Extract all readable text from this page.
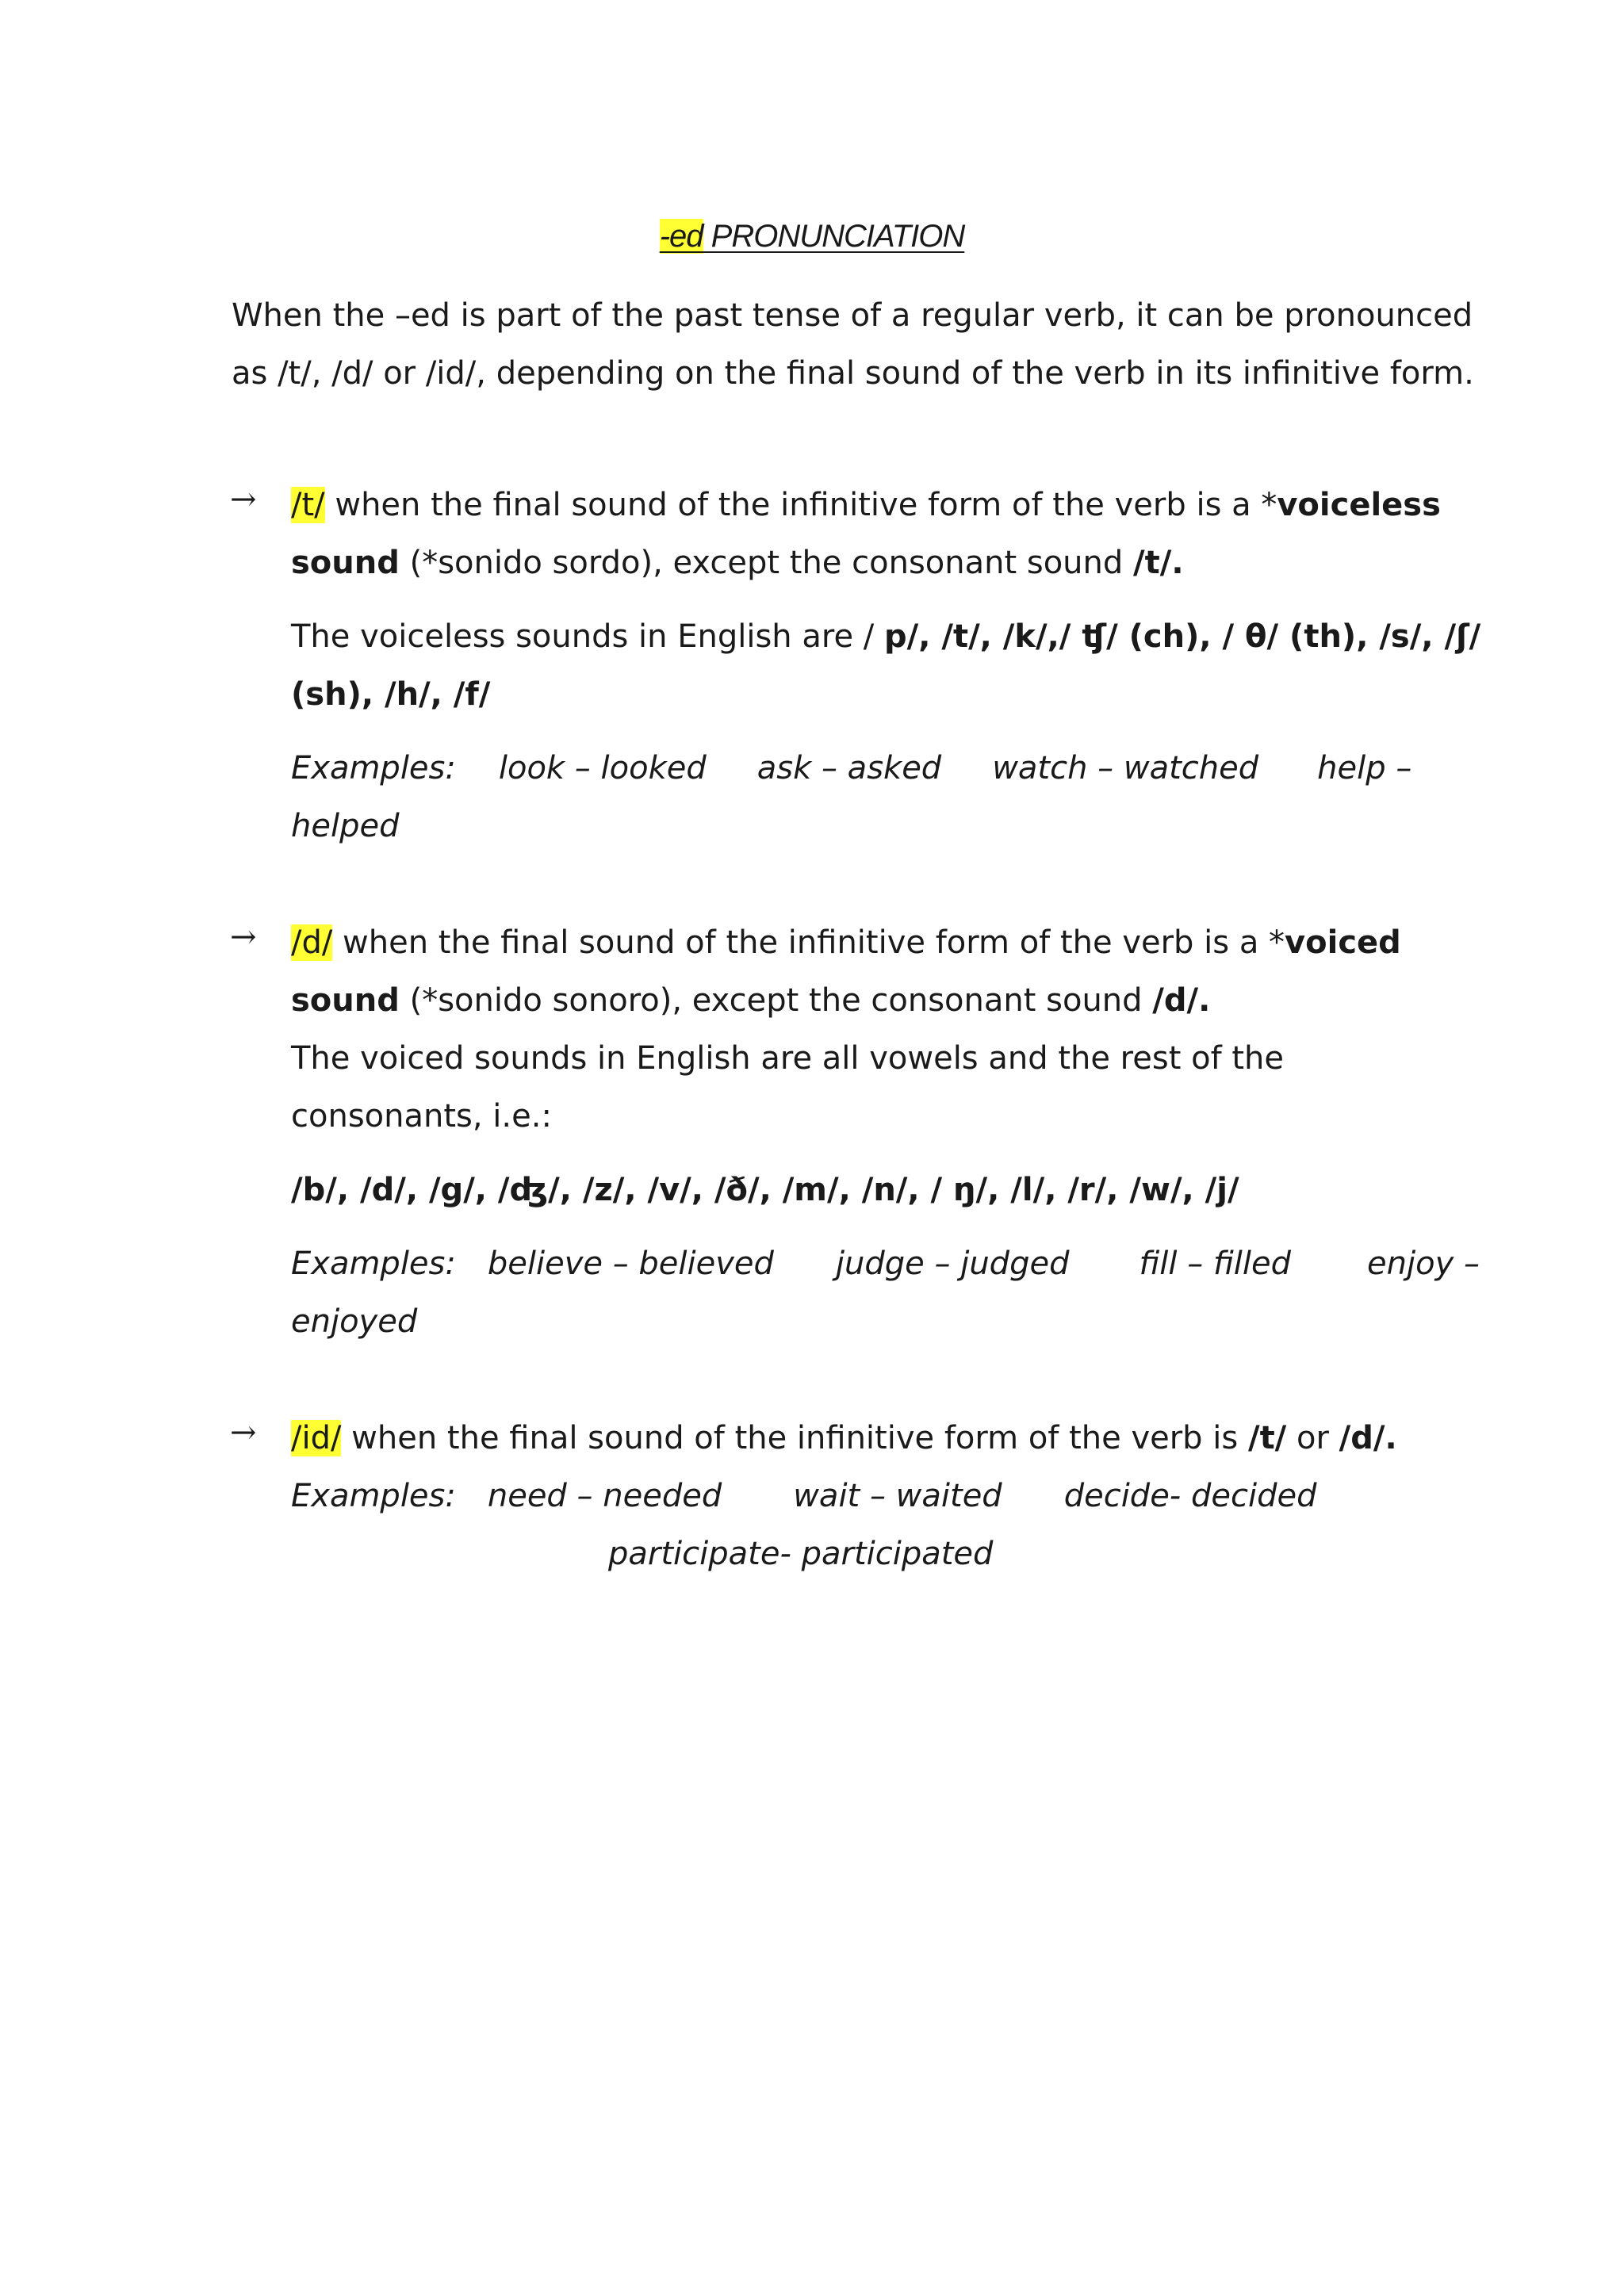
-ed PRONUNCIATION

When the –ed is part of the past tense of a regular verb, it can be pronounced as /t/, /d/ or /id/, depending on the final sound of the verb in its infinitive form.

→ /t/ when the final sound of the infinitive form of the verb is a *voiceless sound (*sonido sordo), except the consonant sound /t/.

The voiceless sounds in English are / p/, /t/, /k/,/ ʧ/ (ch), / θ/ (th), /s/, /ʃ/ (sh), /h/, /f/

Examples: look – looked ask – asked watch – watched help – helped

→ /d/ when the final sound of the infinitive form of the verb is a *voiced sound (*sonido sonoro), except the consonant sound /d/.

The voiced sounds in English are all vowels and the rest of the consonants, i.e.:

/b/, /d/, /g/, /ʤ/, /z/, /v/, /ð/, /m/, /n/, / ŋ/, /l/, /r/, /w/, /j/

Examples: believe – believed judge – judged fill – filled enjoy – enjoyed

→ /id/ when the final sound of the infinitive form of the verb is /t/ or /d/.

Examples: need – needed wait – waited decide- decidedparticipate- participated
